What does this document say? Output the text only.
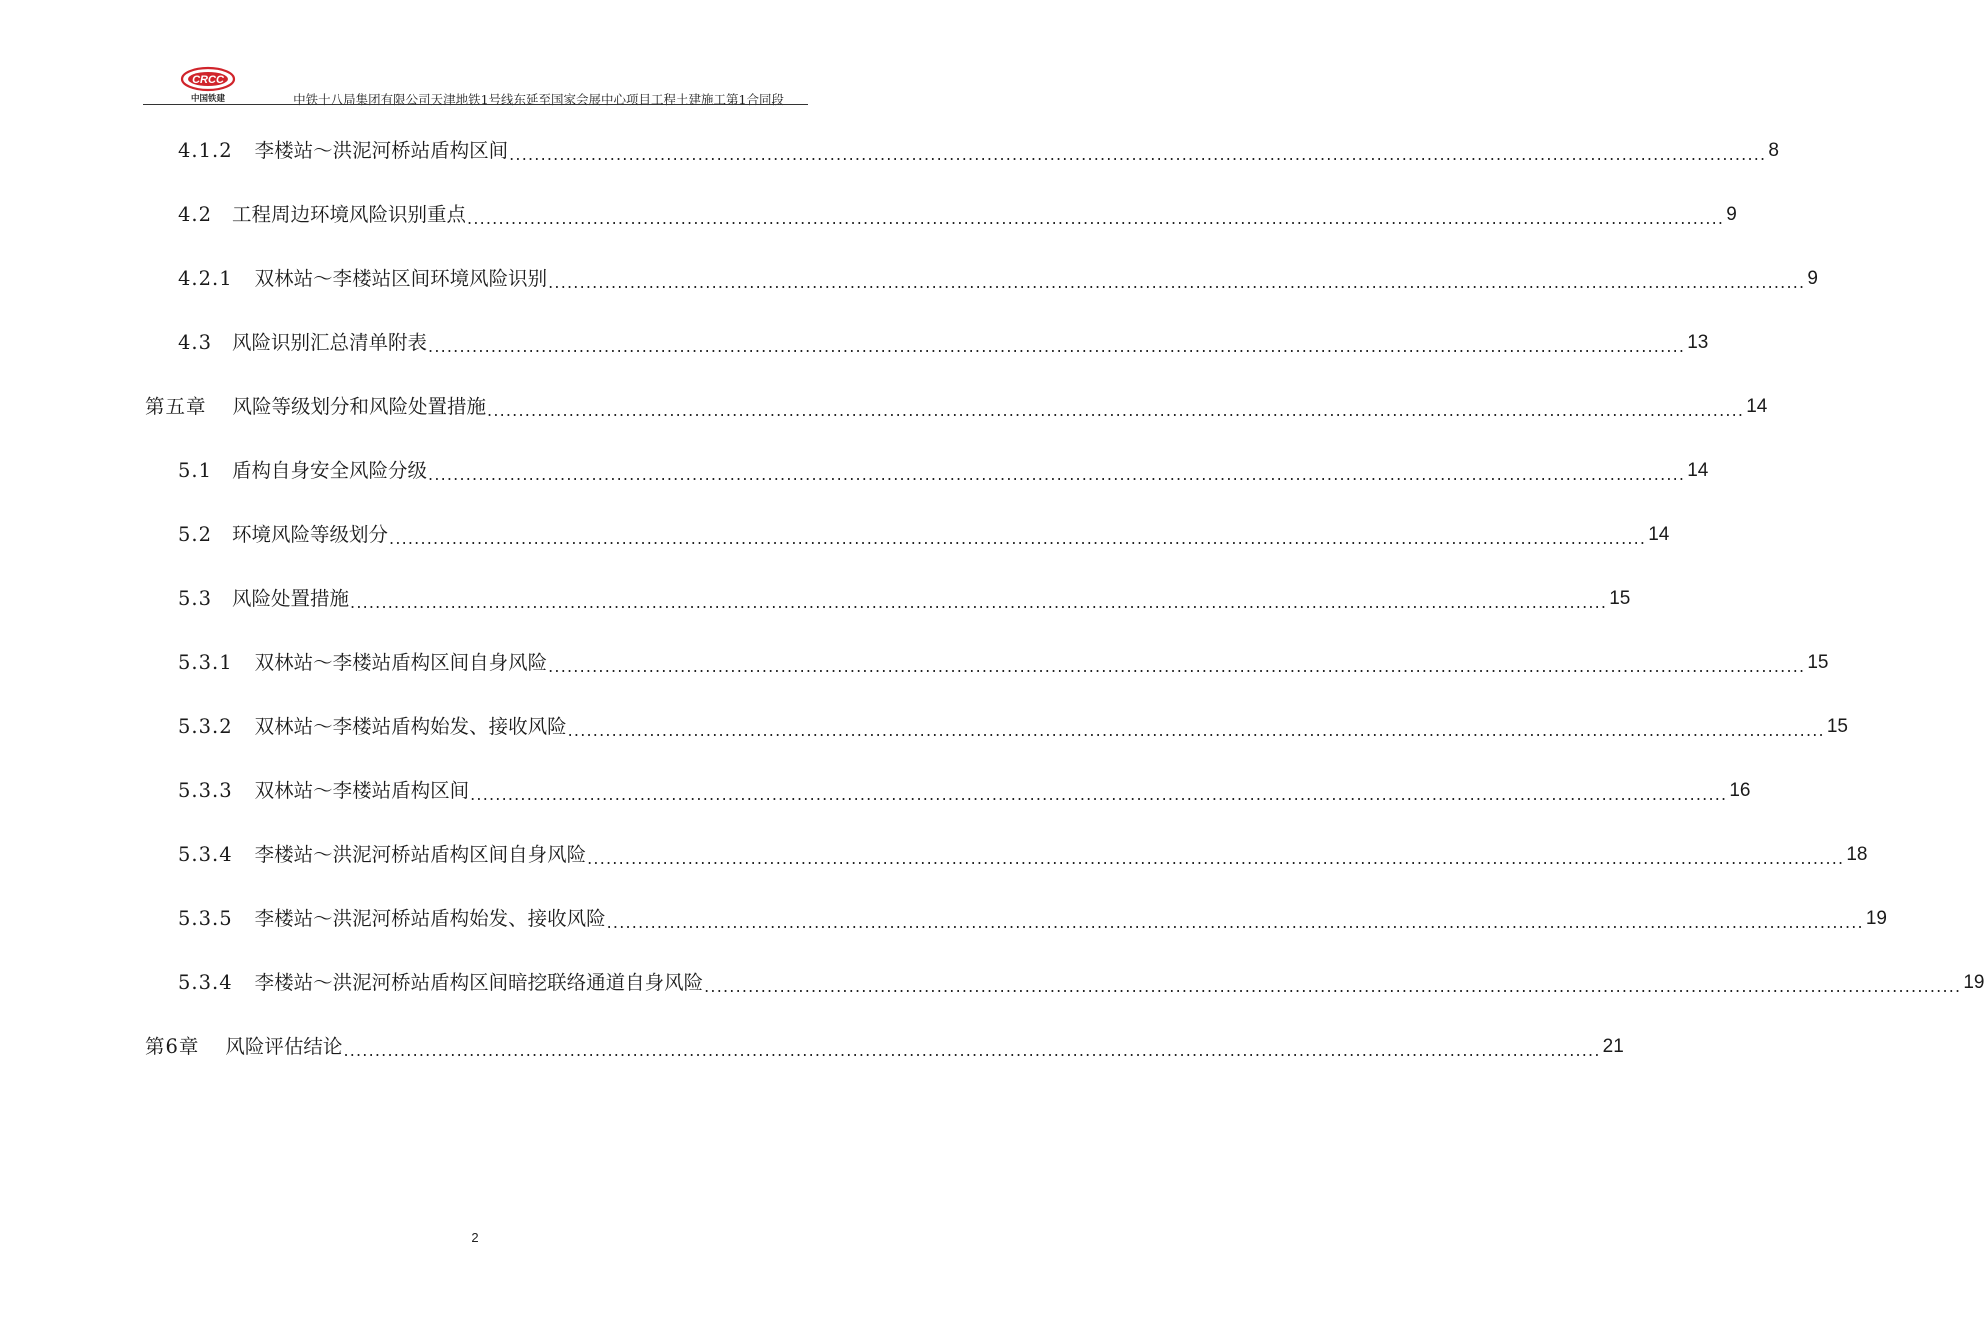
CRCC
中国铁建	中铁十八局集团有限公司天津地铁1号线东延至国家会展中心项目工程土建施工第1合同段
4.1.2 李楼站～洪泥河桥站盾构区间 ........................................................................................................................................................................................................ 8
4.2 工程周边环境风险识别重点 ........................................................................................................................................................................................................ 9
4.2.1 双林站～李楼站区间环境风险识别 ........................................................................................................................................................................................................ 9
4.3 风险识别汇总清单附表 ........................................................................................................................................................................................................ 13
第五章 风险等级划分和风险处置措施 ........................................................................................................................................................................................................ 14
5.1 盾构自身安全风险分级 ........................................................................................................................................................................................................ 14
5.2 环境风险等级划分 ........................................................................................................................................................................................................ 14
5.3 风险处置措施 ........................................................................................................................................................................................................ 15
5.3.1 双林站～李楼站盾构区间自身风险 ........................................................................................................................................................................................................ 15
5.3.2 双林站～李楼站盾构始发、接收风险 ........................................................................................................................................................................................................ 15
5.3.3 双林站～李楼站盾构区间 ........................................................................................................................................................................................................ 16
5.3.4 李楼站～洪泥河桥站盾构区间自身风险 ........................................................................................................................................................................................................ 18
5.3.5 李楼站～洪泥河桥站盾构始发、接收风险 ........................................................................................................................................................................................................ 19
5.3.4 李楼站～洪泥河桥站盾构区间暗挖联络通道自身风险 ........................................................................................................................................................................................................ 19
第6章 风险评估结论 ........................................................................................................................................................................................................ 21
2
